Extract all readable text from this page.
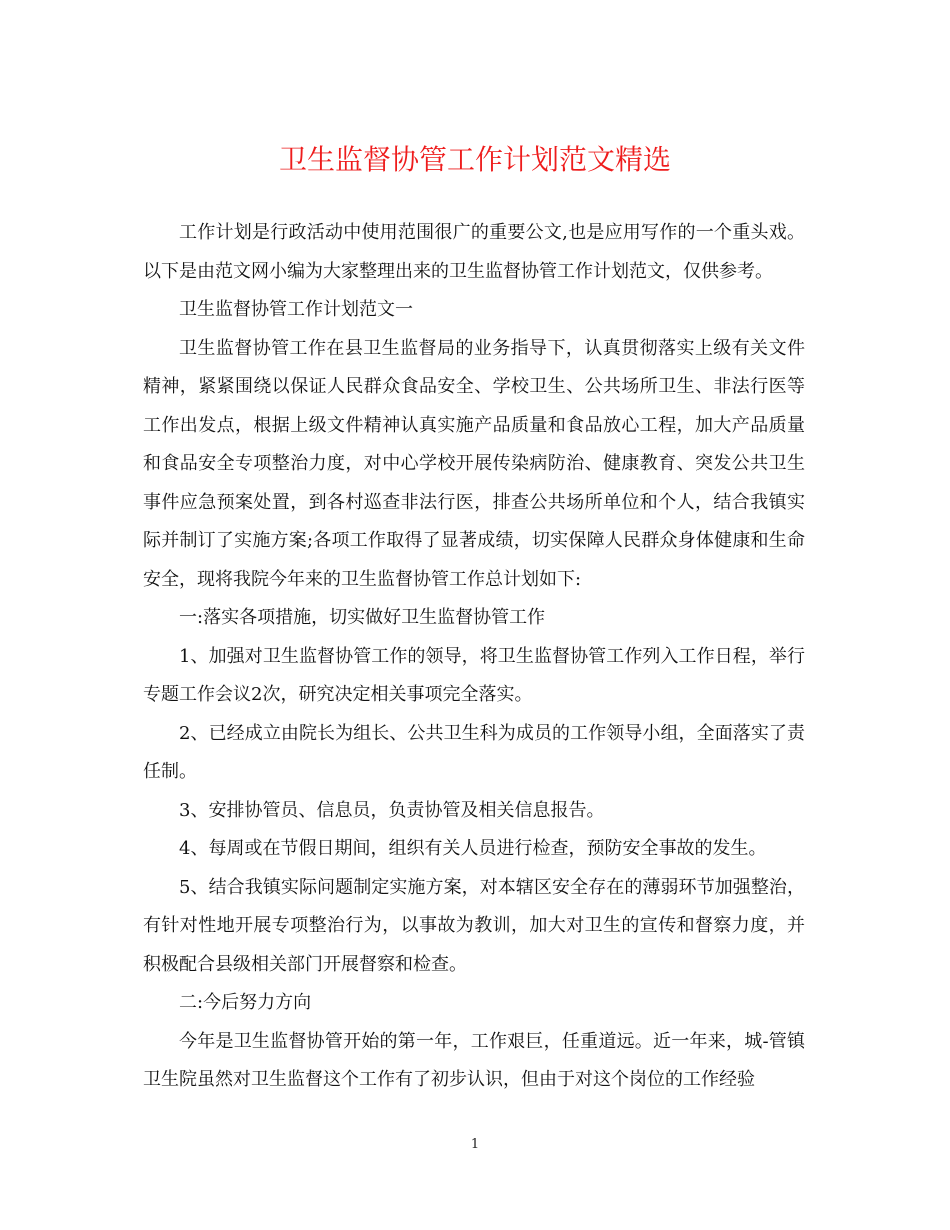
卫生监督协管工作计划范文精选

工作计划是行政活动中使用范围很广的重要公文,也是应用写作的一个重头戏。以下是由范文网小编为大家整理出来的卫生监督协管工作计划范文，仅供参考。

卫生监督协管工作计划范文一

卫生监督协管工作在县卫生监督局的业务指导下，认真贯彻落实上级有关文件精神，紧紧围绕以保证人民群众食品安全、学校卫生、公共场所卫生、非法行医等工作出发点，根据上级文件精神认真实施产品质量和食品放心工程，加大产品质量和食品安全专项整治力度，对中心学校开展传染病防治、健康教育、突发公共卫生事件应急预案处置，到各村巡查非法行医，排查公共场所单位和个人，结合我镇实际并制订了实施方案;各项工作取得了显著成绩，切实保障人民群众身体健康和生命安全，现将我院今年来的卫生监督协管工作总计划如下:

一:落实各项措施，切实做好卫生监督协管工作

1、加强对卫生监督协管工作的领导，将卫生监督协管工作列入工作日程，举行专题工作会议2次，研究决定相关事项完全落实。

2、已经成立由院长为组长、公共卫生科为成员的工作领导小组，全面落实了责任制。

3、安排协管员、信息员，负责协管及相关信息报告。

4、每周或在节假日期间，组织有关人员进行检查，预防安全事故的发生。

5、结合我镇实际问题制定实施方案，对本辖区安全存在的薄弱环节加强整治，有针对性地开展专项整治行为，以事故为教训，加大对卫生的宣传和督察力度，并积极配合县级相关部门开展督察和检查。

二:今后努力方向

今年是卫生监督协管开始的第一年，工作艰巨，任重道远。近一年来，城-管镇卫生院虽然对卫生监督这个工作有了初步认识，但由于对这个岗位的工作经验

1
